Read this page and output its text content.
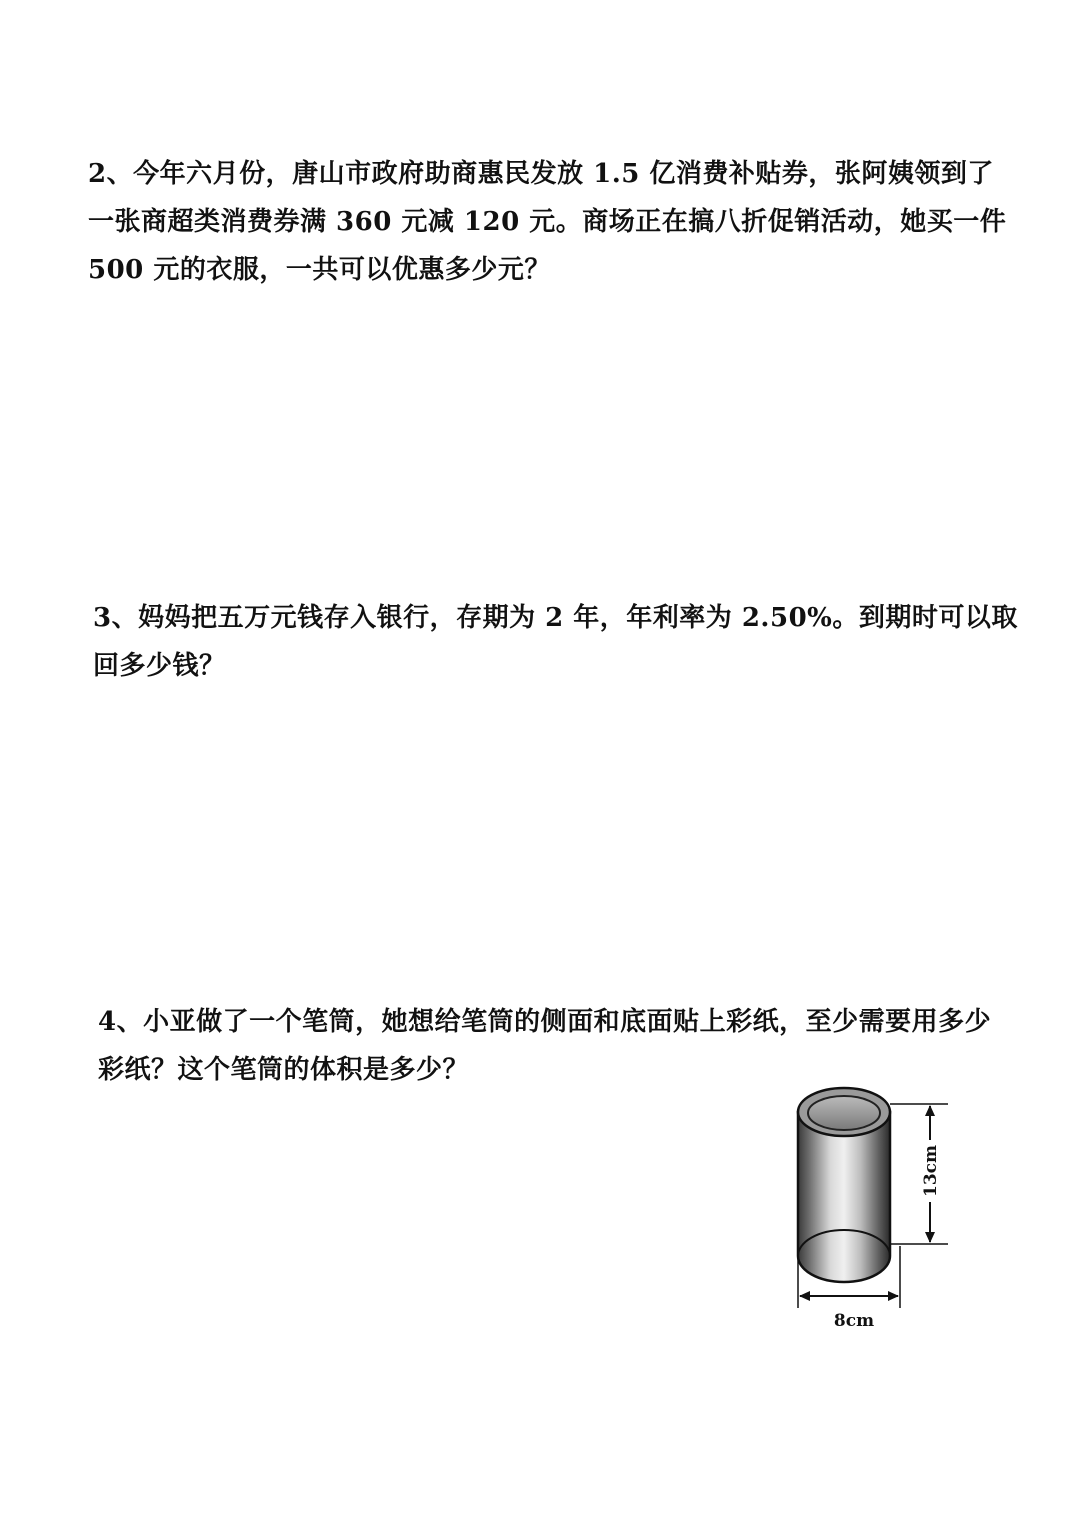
2、今年六月份，唐山市政府助商惠民发放 1.5 亿消费补贴券，张阿姨领到了
一张商超类消费券满 360 元减 120 元。商场正在搞八折促销活动，她买一件
500 元的衣服，一共可以优惠多少元？
3、妈妈把五万元钱存入银行，存期为 2 年，年利率为 2.50%。到期时可以取
回多少钱？
4、小亚做了一个笔筒，她想给笔筒的侧面和底面贴上彩纸，至少需要用多少
彩纸？这个笔筒的体积是多少？
13cm
8cm
